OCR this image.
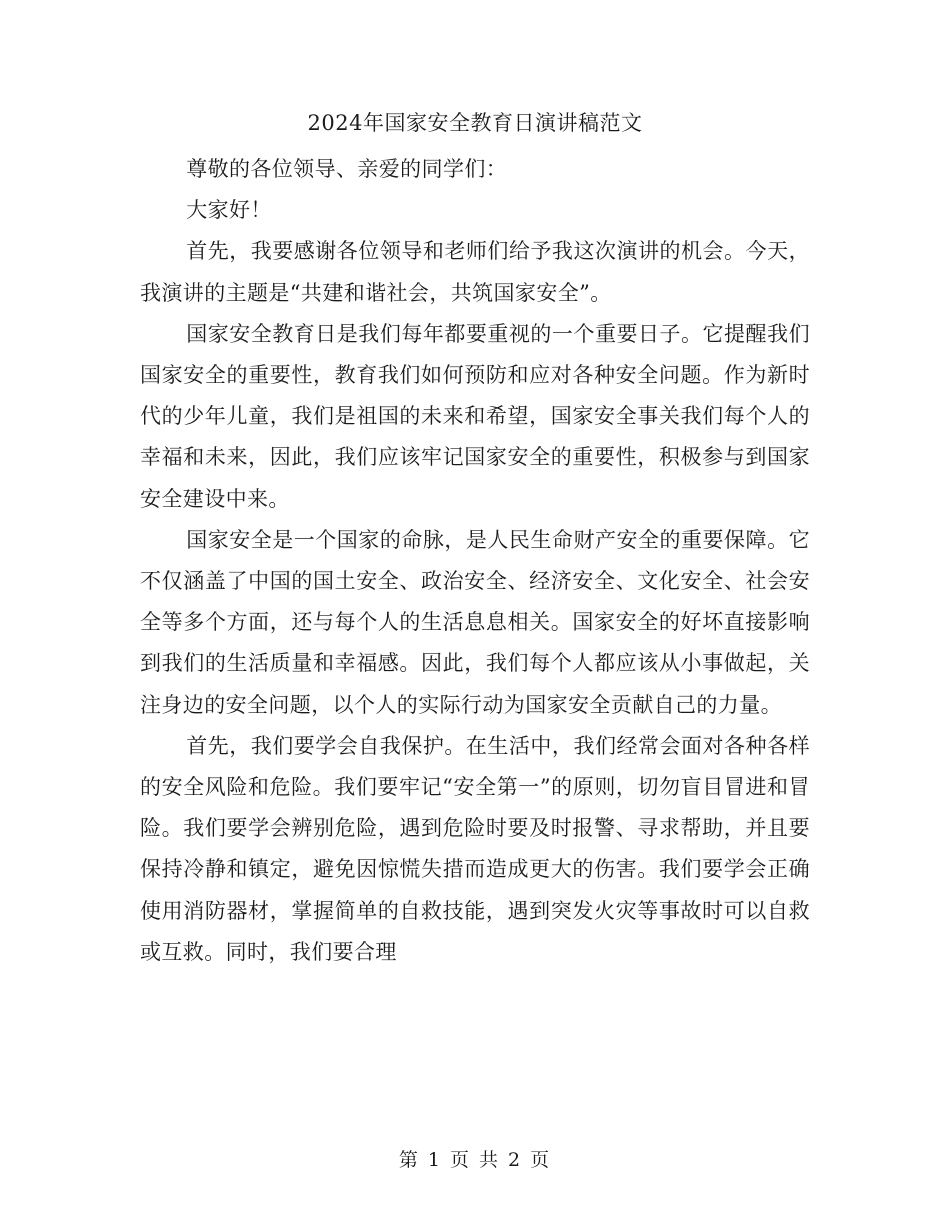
2024年国家安全教育日演讲稿范文

尊敬的各位领导、亲爱的同学们：

大家好！

首先，我要感谢各位领导和老师们给予我这次演讲的机会。今天，我演讲的主题是“共建和谐社会，共筑国家安全”。

国家安全教育日是我们每年都要重视的一个重要日子。它提醒我们国家安全的重要性，教育我们如何预防和应对各种安全问题。作为新时代的少年儿童，我们是祖国的未来和希望，国家安全事关我们每个人的幸福和未来，因此，我们应该牢记国家安全的重要性，积极参与到国家安全建设中来。

国家安全是一个国家的命脉，是人民生命财产安全的重要保障。它不仅涵盖了中国的国土安全、政治安全、经济安全、文化安全、社会安全等多个方面，还与每个人的生活息息相关。国家安全的好坏直接影响到我们的生活质量和幸福感。因此，我们每个人都应该从小事做起，关注身边的安全问题，以个人的实际行动为国家安全贡献自己的力量。

首先，我们要学会自我保护。在生活中，我们经常会面对各种各样的安全风险和危险。我们要牢记“安全第一”的原则，切勿盲目冒进和冒险。我们要学会辨别危险，遇到危险时要及时报警、寻求帮助，并且要保持冷静和镇定，避免因惊慌失措而造成更大的伤害。我们要学会正确使用消防器材，掌握简单的自救技能，遇到突发火灾等事故时可以自救或互救。同时，我们要合理

第 1 页 共 2 页
